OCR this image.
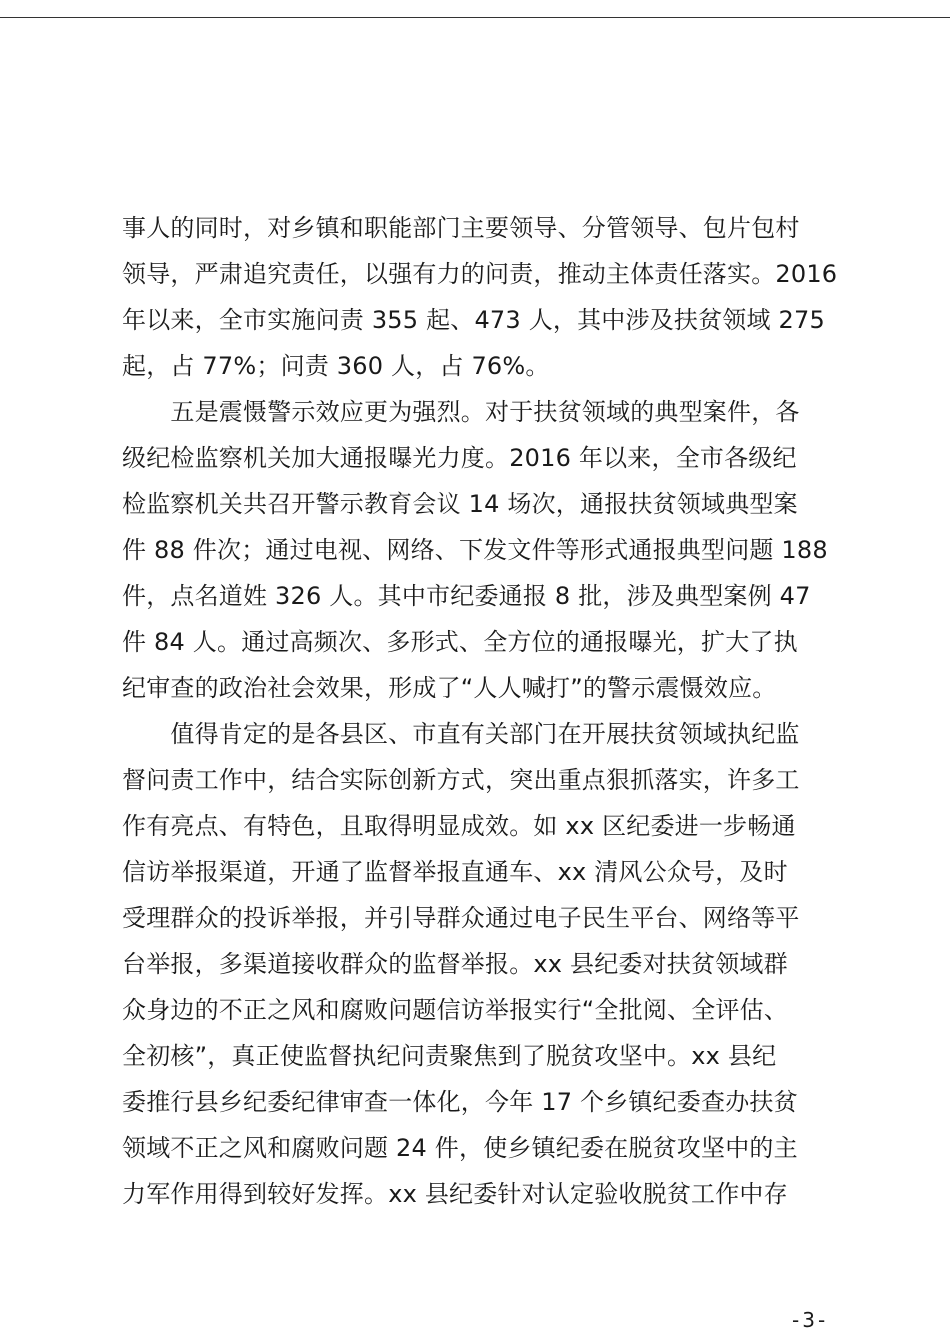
事人的同时，对乡镇和职能部门主要领导、分管领导、包片包村
领导，严肃追究责任，以强有力的问责，推动主体责任落实。2016
年以来，全市实施问责 355 起、473 人，其中涉及扶贫领域 275
起，占 77%；问责 360 人，占 76%。
　　五是震慑警示效应更为强烈。对于扶贫领域的典型案件，各
级纪检监察机关加大通报曝光力度。2016 年以来，全市各级纪
检监察机关共召开警示教育会议 14 场次，通报扶贫领域典型案
件 88 件次；通过电视、网络、下发文件等形式通报典型问题 188
件，点名道姓 326 人。其中市纪委通报 8 批，涉及典型案例 47
件 84 人。通过高频次、多形式、全方位的通报曝光，扩大了执
纪审查的政治社会效果，形成了“人人喊打”的警示震慑效应。
　　值得肯定的是各县区、市直有关部门在开展扶贫领域执纪监
督问责工作中，结合实际创新方式，突出重点狠抓落实，许多工
作有亮点、有特色，且取得明显成效。如 xx 区纪委进一步畅通
信访举报渠道，开通了监督举报直通车、xx 清风公众号，及时
受理群众的投诉举报，并引导群众通过电子民生平台、网络等平
台举报，多渠道接收群众的监督举报。xx 县纪委对扶贫领域群
众身边的不正之风和腐败问题信访举报实行“全批阅、全评估、
全初核”，真正使监督执纪问责聚焦到了脱贫攻坚中。xx 县纪
委推行县乡纪委纪律审查一体化，今年 17 个乡镇纪委查办扶贫
领域不正之风和腐败问题 24 件，使乡镇纪委在脱贫攻坚中的主
力军作用得到较好发挥。xx 县纪委针对认定验收脱贫工作中存
-3-
